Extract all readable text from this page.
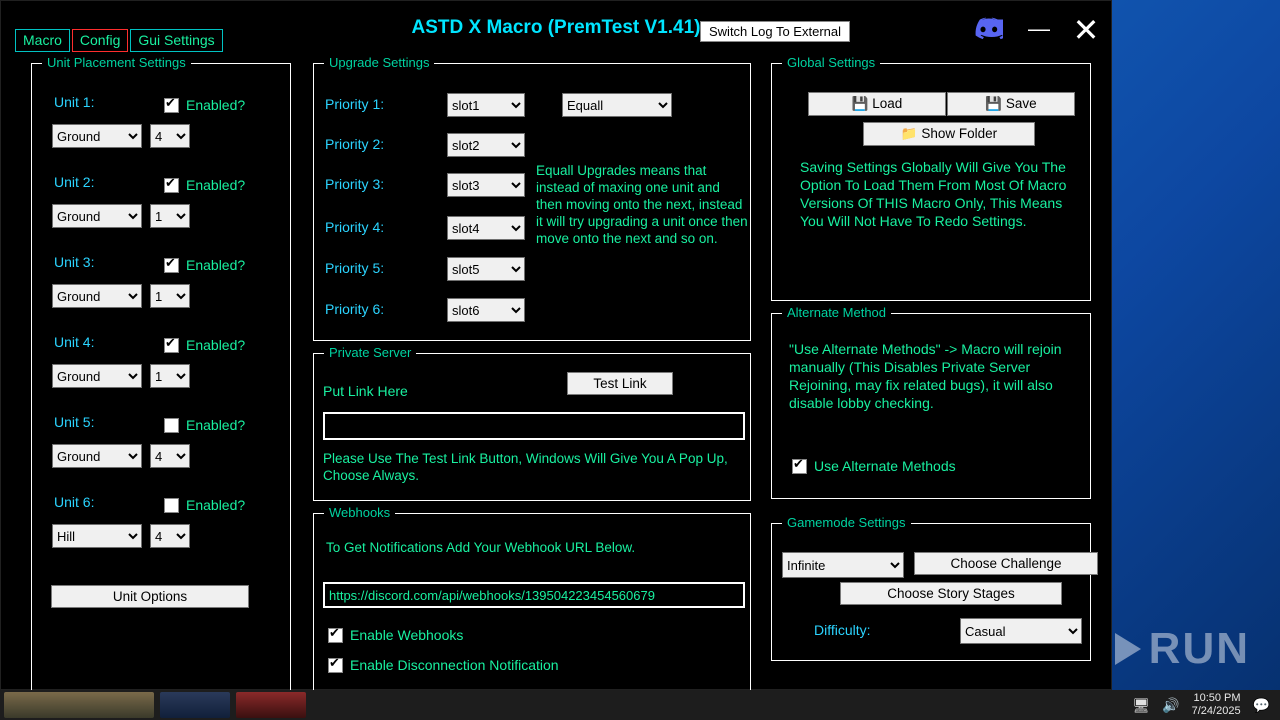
RUN
ASTD X Macro (PremTest V1.41) Switch Log To External	— ✕
Macro	Config	Gui Settings
Unit Placement Settings
Unit 1: ✔	Enabled?
Ground
4
Unit 2: ✔	Enabled?
Ground
1
Unit 3: ✔	Enabled?
Ground
1
Unit 4: ✔	Enabled?
Ground
1
Unit 5:	Enabled?
Ground
4
Unit 6:	Enabled?
Hill
4
Unit Options
Upgrade Settings
Priority 1:
slot1
Equall
Priority 2:
slot2
Priority 3:
slot3
Equall Upgrades means that instead of maxing one unit and then moving onto the next, instead it will try upgrading a unit once then move onto the next and so on.
Priority 4:
slot4
Priority 5:
slot5
Priority 6:
slot6
Private Server
Put Link Here	Test Link
Please Use The Test Link Button, Windows Will Give You A Pop Up, Choose Always.
Webhooks
To Get Notifications Add Your Webhook URL Below.
https://discord.com/api/webhooks/139504223454560679
✔
Enable Webhooks
✔
Enable Disconnection Notification
Global Settings
💾 Load	💾 Save
📁 Show Folder
Saving Settings Globally Will Give You The Option To Load Them From Most Of Macro Versions Of THIS Macro Only, This Means You Will Not Have To Redo Settings.
Alternate Method
"Use Alternate Methods" -> Macro will rejoin manually (This Disables Private Server Rejoining, may fix related bugs), it will also disable lobby checking.
✔
Use Alternate Methods
Gamemode Settings
Infinite
Choose Challenge
Choose Story Stages
Difficulty:
Casual
🖥 🔊 10:50 PM
7/24/2025 💬
